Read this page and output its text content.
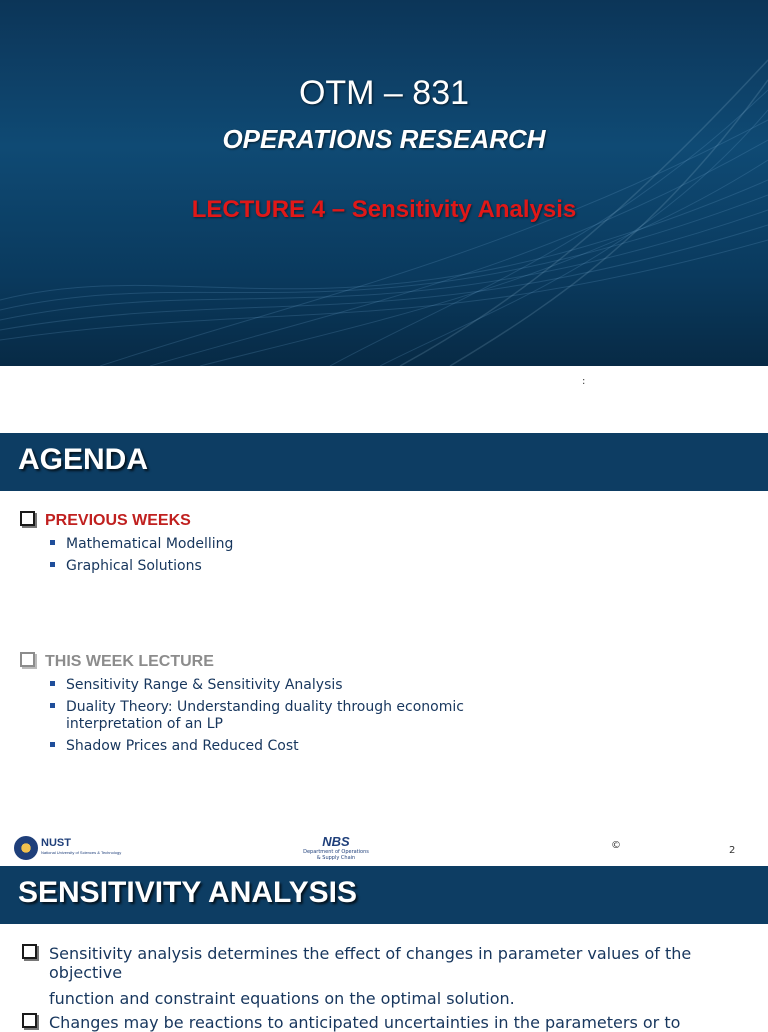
OTM – 831
OPERATIONS RESEARCH
LECTURE 4 – Sensitivity Analysis
:
AGENDA
PREVIOUS WEEKS
Mathematical Modelling
Graphical Solutions
THIS WEEK LECTURE
Sensitivity Range & Sensitivity Analysis
Duality Theory: Understanding duality through economic interpretation of an LP
Shadow Prices and Reduced Cost
NUST
National University of Sciences & Technology
NBS
Department of Operations & Supply Chain
©	2
SENSITIVITY ANALYSIS
Sensitivity analysis determines the effect of changes in parameter values of the objective
function and constraint equations on the optimal solution.
Changes may be reactions to anticipated uncertainties in the parameters or to
